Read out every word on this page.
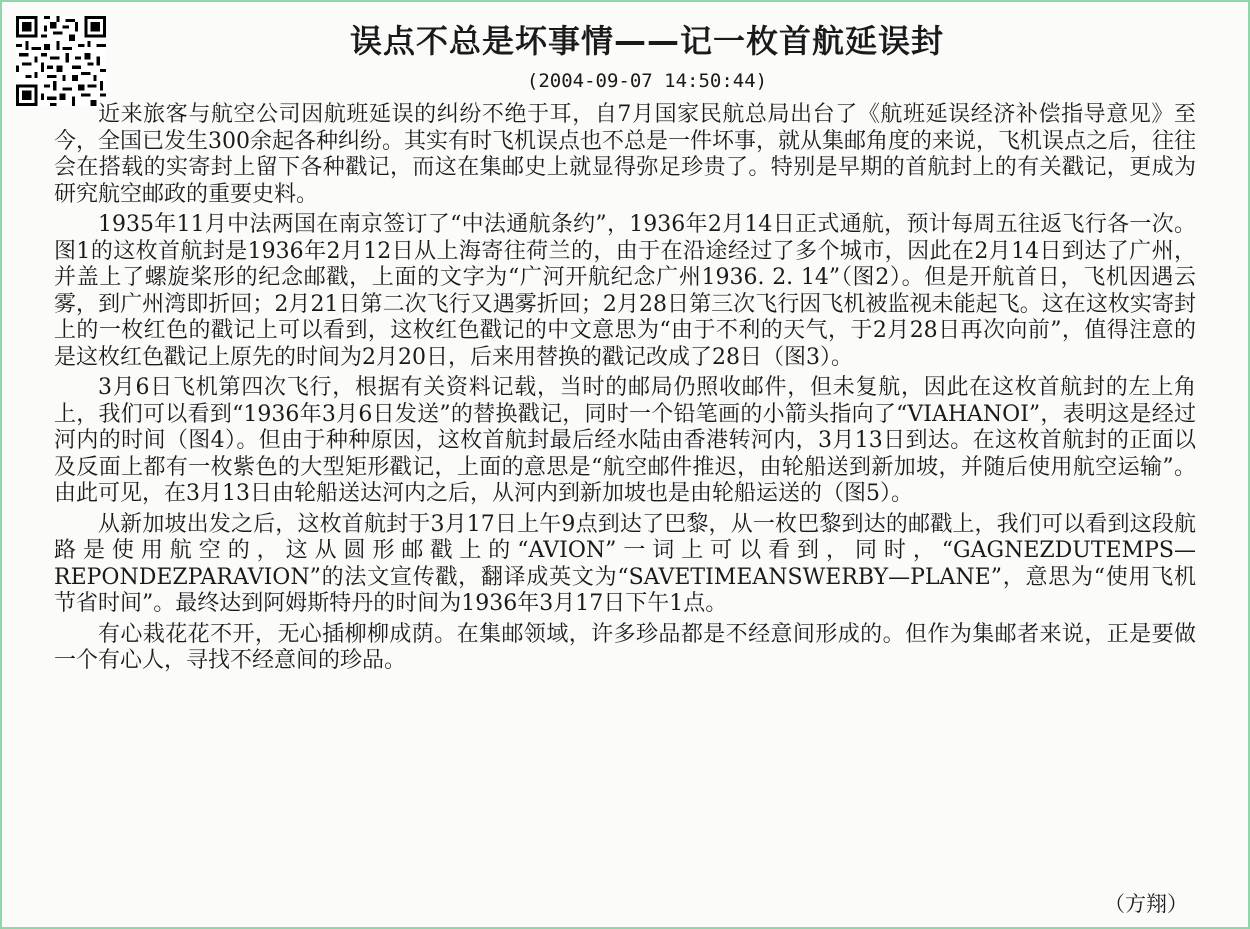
误点不总是坏事情——记一枚首航延误封
(2004-09-07 14:50:44)

近来旅客与航空公司因航班延误的纠纷不绝于耳，自7月国家民航总局出台了《航班延误经济补偿指导意见》至今，全国已发生300余起各种纠纷。其实有时飞机误点也不总是一件坏事，就从集邮角度的来说，飞机误点之后，往往会在搭载的实寄封上留下各种戳记，而这在集邮史上就显得弥足珍贵了。特别是早期的首航封上的有关戳记，更成为研究航空邮政的重要史料。

1935年11月中法两国在南京签订了“中法通航条约”，1936年2月14日正式通航，预计每周五往返飞行各一次。图1的这枚首航封是1936年2月12日从上海寄往荷兰的，由于在沿途经过了多个城市，因此在2月14日到达了广州，并盖上了螺旋桨形的纪念邮戳，上面的文字为“广河开航纪念广州1936. 2. 14”（图2）。但是开航首日，飞机因遇云雾，到广州湾即折回；2月21日第二次飞行又遇雾折回；2月28日第三次飞行因飞机被监视未能起飞。这在这枚实寄封上的一枚红色的戳记上可以看到，这枚红色戳记的中文意思为“由于不利的天气，于2月28日再次向前”，值得注意的是这枚红色戳记上原先的时间为2月20日，后来用替换的戳记改成了28日（图3）。

3月6日飞机第四次飞行，根据有关资料记载，当时的邮局仍照收邮件，但未复航，因此在这枚首航封的左上角上，我们可以看到“1936年3月6日发送”的替换戳记，同时一个铅笔画的小箭头指向了“VIAHANOI”，表明这是经过河内的时间（图4）。但由于种种原因，这枚首航封最后经水陆由香港转河内，3月13日到达。在这枚首航封的正面以及反面上都有一枚紫色的大型矩形戳记，上面的意思是“航空邮件推迟，由轮船送到新加坡，并随后使用航空运输”。由此可见，在3月13日由轮船送达河内之后，从河内到新加坡也是由轮船运送的（图5）。

从新加坡出发之后，这枚首航封于3月17日上午9点到达了巴黎，从一枚巴黎到达的邮戳上，我们可以看到这段航路是使用航空的，这从圆形邮戳上的“AVION”一词上可以看到，同时，“GAGNEZDUTEMPS—REPONDEZPARAVION”的法文宣传戳，翻译成英文为“SAVETIMEANSWERBY—PLANE”，意思为“使用飞机节省时间”。最终达到阿姆斯特丹的时间为1936年3月17日下午1点。

有心栽花花不开，无心插柳柳成荫。在集邮领域，许多珍品都是不经意间形成的。但作为集邮者来说，正是要做一个有心人，寻找不经意间的珍品。

（方翔）
